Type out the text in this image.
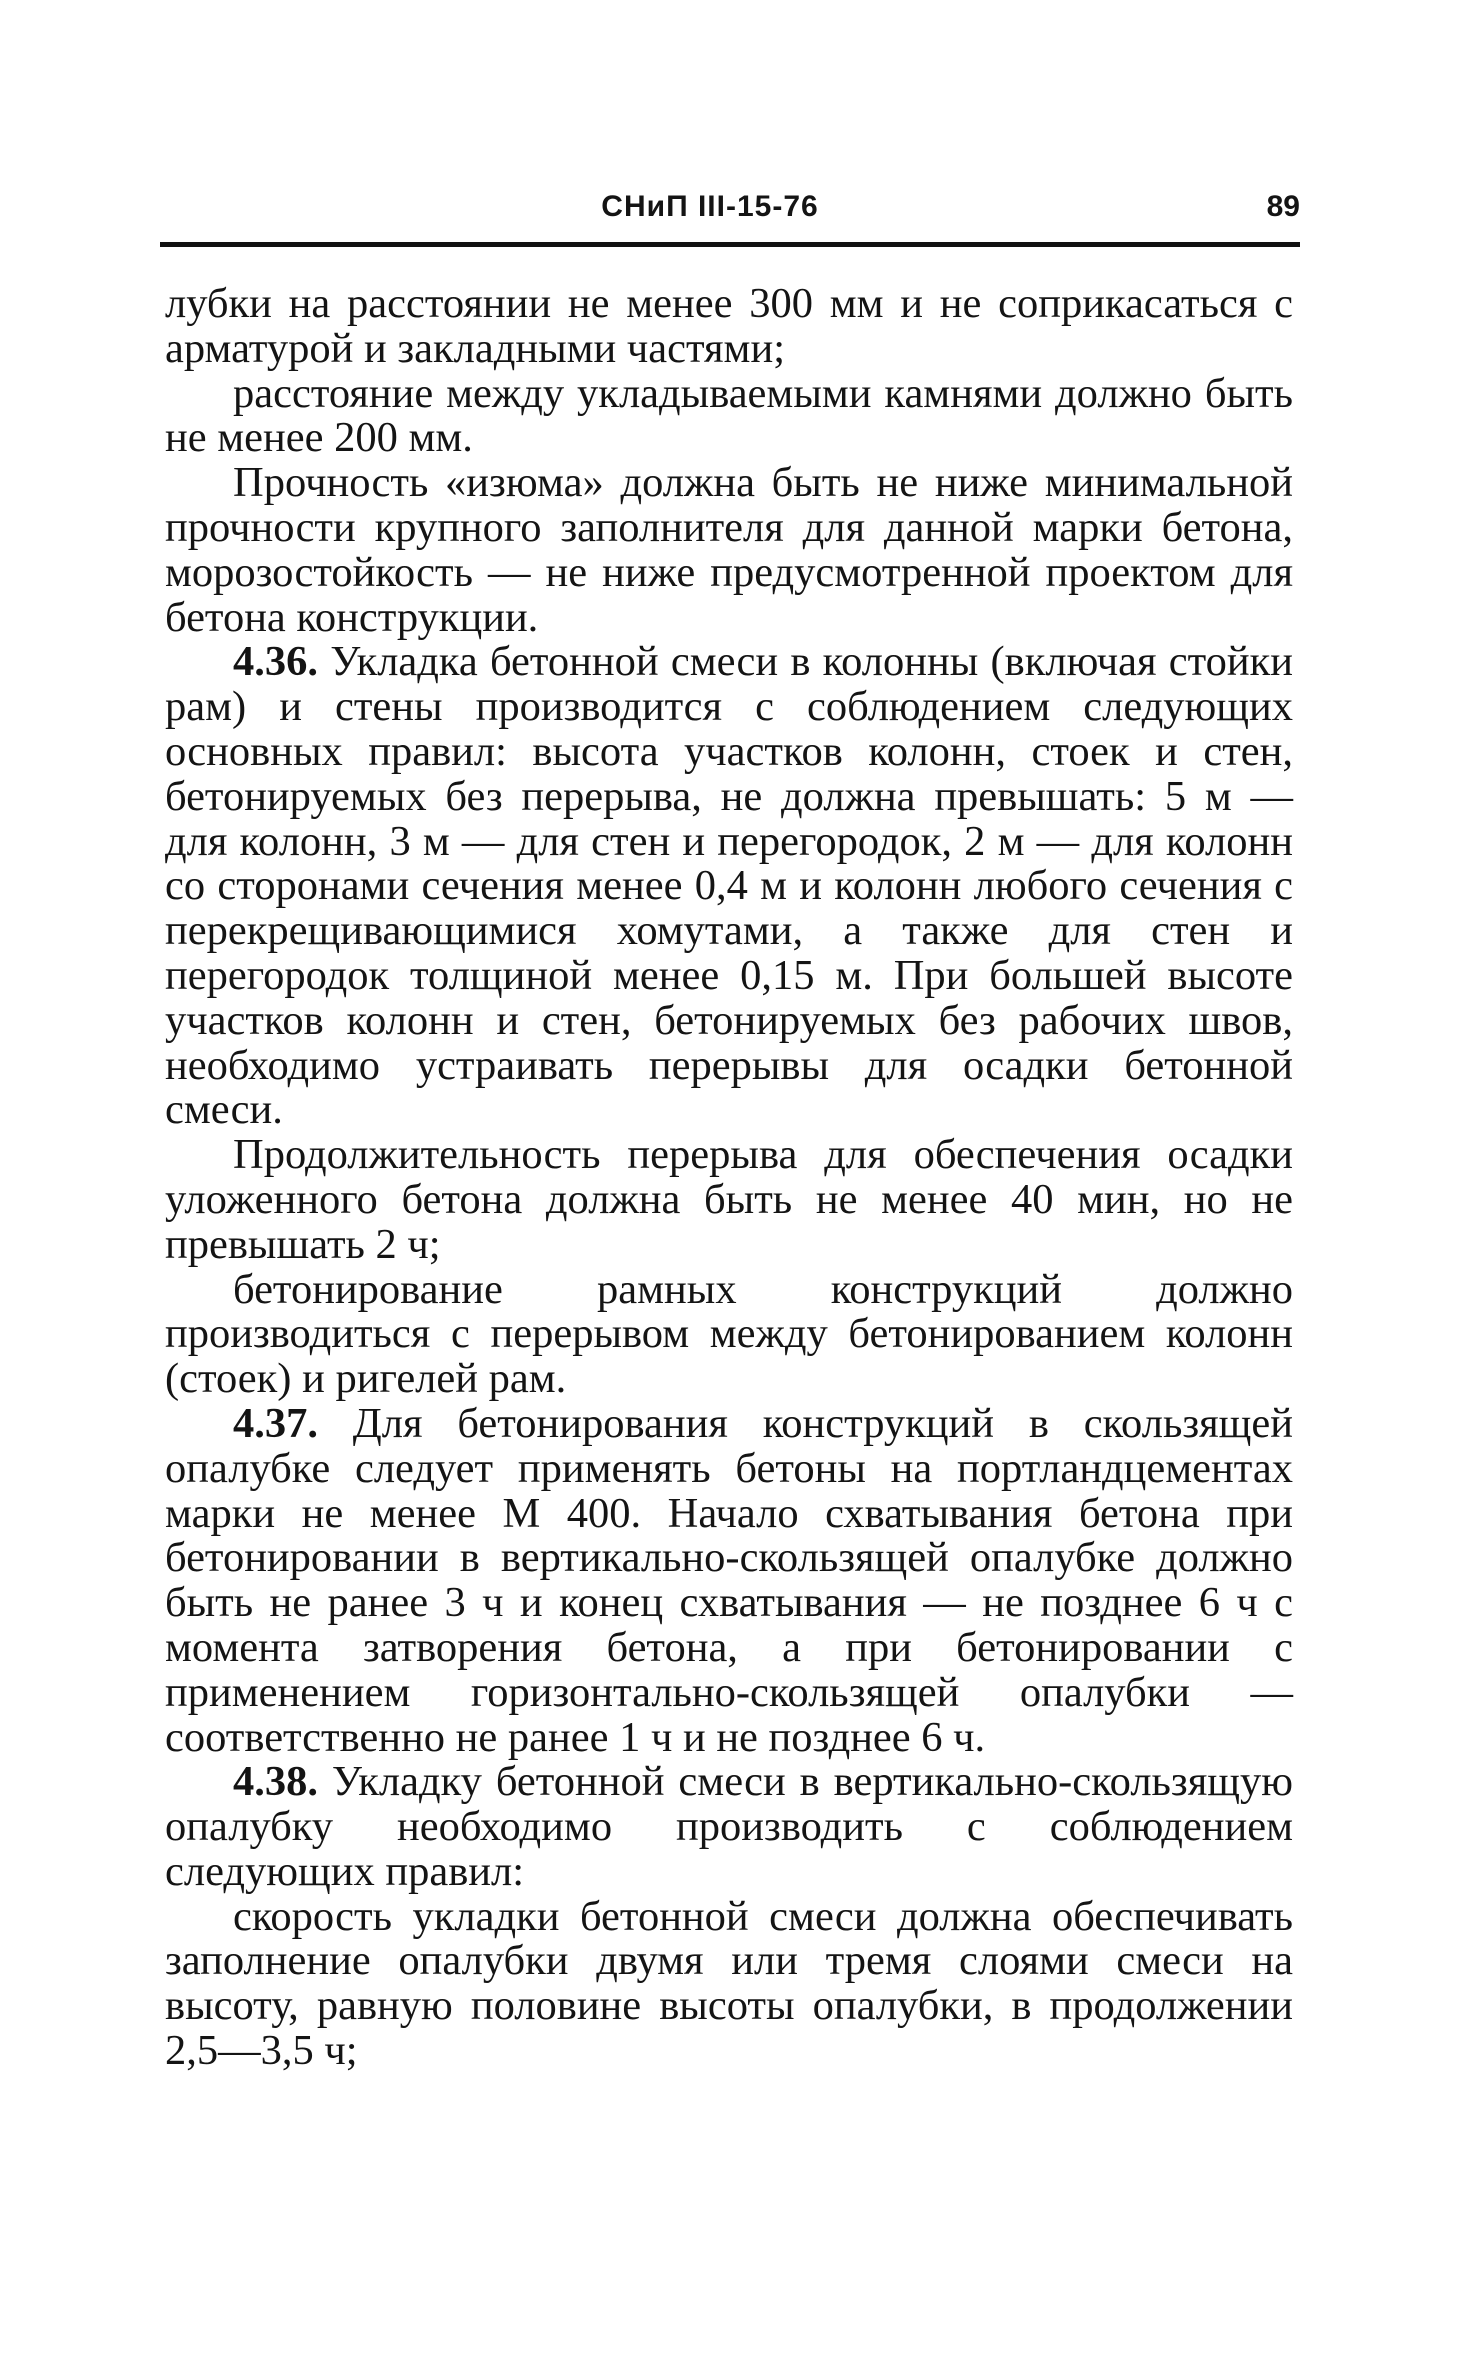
СНиП III-15-76	89

лубки на расстоянии не менее 300 мм и не соприкасаться с арматурой и закладными частями;

расстояние между укладываемыми камнями должно быть не менее 200 мм.

Прочность «изюма» должна быть не ниже минимальной прочности крупного заполнителя для данной марки бетона, морозостойкость — не ниже предусмотренной проектом для бетона конструкции.

4.36. Укладка бетонной смеси в колонны (включая стойки рам) и стены производится с соблюдением следующих основных правил: высота участков колонн, стоек и стен, бетонируемых без перерыва, не должна превышать: 5 м — для колонн, 3 м — для стен и перегородок, 2 м — для колонн со сторонами сечения менее 0,4 м и колонн любого сечения с перекрещивающимися хомутами, а также для стен и перегородок толщиной менее 0,15 м. При большей высоте участков колонн и стен, бетонируемых без рабочих швов, необходимо устраивать перерывы для осадки бетонной смеси.

Продолжительность перерыва для обеспечения осадки уложенного бетона должна быть не менее 40 мин, но не превышать 2 ч;

бетонирование рамных конструкций должно производиться с перерывом между бетонированием колонн (стоек) и ригелей рам.

4.37. Для бетонирования конструкций в скользящей опалубке следует применять бетоны на портландцементах марки не менее М 400. Начало схватывания бетона при бетонировании в вертикально-скользящей опалубке должно быть не ранее 3 ч и конец схватывания — не позднее 6 ч с момента затворения бетона, а при бетонировании с применением горизонтально-скользящей опалубки — соответственно не ранее 1 ч и не позднее 6 ч.

4.38. Укладку бетонной смеси в вертикально-скользящую опалубку необходимо производить с соблюдением следующих правил:

скорость укладки бетонной смеси должна обеспечивать заполнение опалубки двумя или тремя слоями смеси на высоту, равную половине высоты опалубки, в продолжении 2,5—3,5 ч;
